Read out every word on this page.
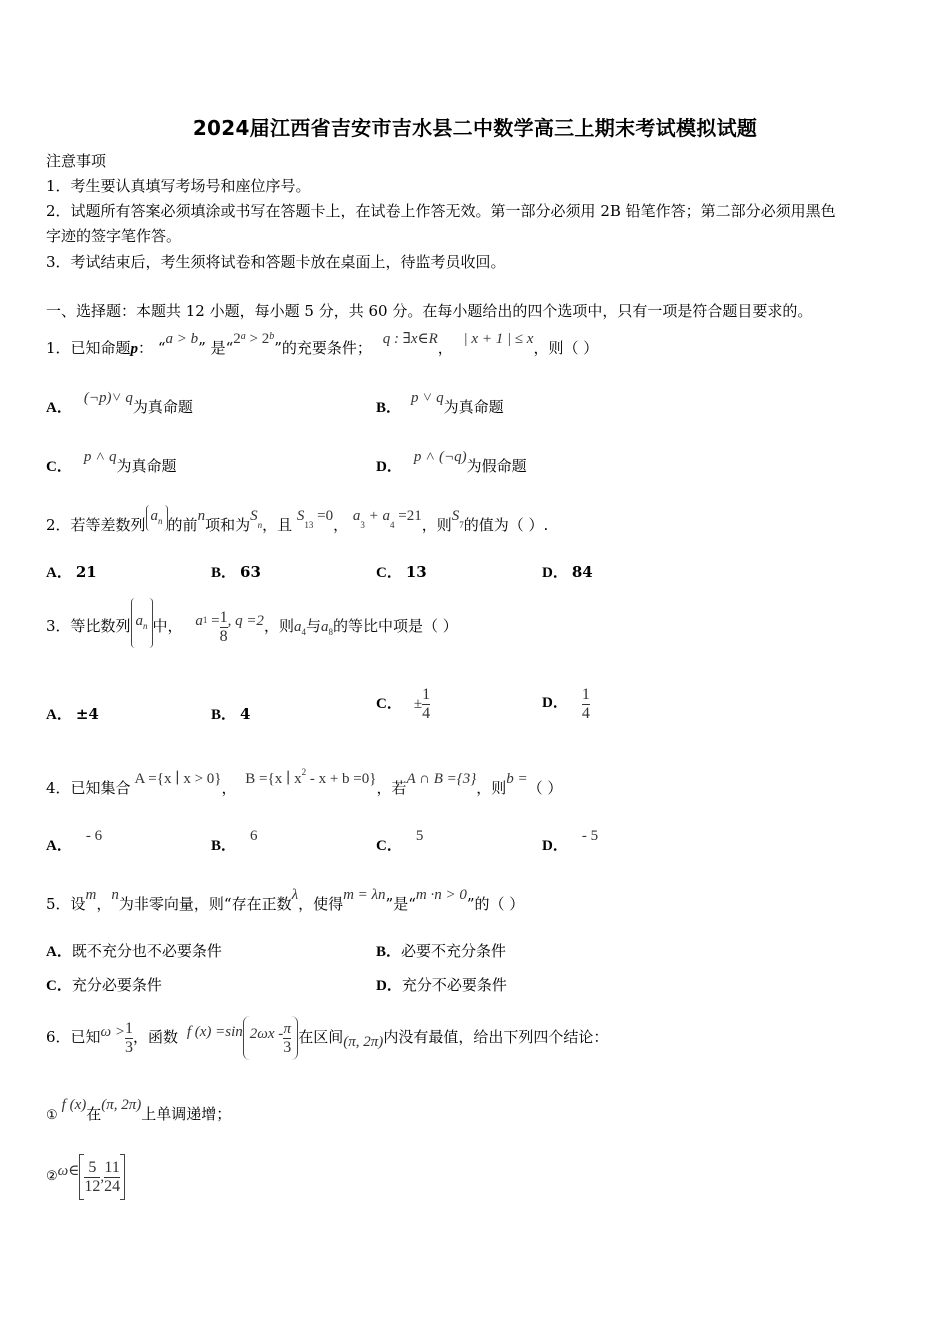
2024届江西省吉安市吉水县二中数学高三上期末考试模拟试题
注意事项
1．考生要认真填写考场号和座位序号。
2．试题所有答案必须填涂或书写在答题卡上，在试卷上作答无效。第一部分必须用 2B 铅笔作答；第二部分必须用黑色
字迹的签字笔作答。
3．考试结束后，考生须将试卷和答题卡放在桌面上，待监考员收回。
一、选择题：本题共 12 小题，每小题 5 分，共 60 分。在每小题给出的四个选项中，只有一项是符合题目要求的。
1．已知命题p： “a > b” 是“$2^a > 2^b$”的充要条件； q : ∃x∈R， | x + 1 | ≤ x，则（ ）
A．(¬p)˅ q为真命题	B．p ˅ q为真命题
C．p ˄ q为真命题	D．p ˄ (¬q)为假命题
2．若等差数列 $a_n$ 的前n项和为$S_n$，且 $S_{13} =0$， $a_3 + a_4 =21$，则$S_7$的值为（ ）.
A． 21	B． 63	C． 13	D． 84
3．等比数列 $a_n$ 中， $a_1 = \frac{1}{8}$ , q =2，则$a_4$与$a_8$的等比中项是（ ）
A． ±4	B． 4
C． ± $\frac{1}{4}$	D． $\frac{1}{4}$
4．已知集合 A ={x ∣ x > 0}， B ={x ∣ $x^2 - x + b =0$}，若A ∩ B ={3}，则b =（ ）
A．- 6
B．6
C．5
D．- 5
5．设m，n为非零向量，则“存在正数λ，使得m = λn”是“m ·n > 0”的（ ）
A．既不充分也不必要条件	B．必要不充分条件
C．充分必要条件	D．充分不必要条件
6．已知$\omega > \frac{1}{3}$ ，函数 f (x) =sin $2\omega x - \frac{\pi}{3}$ 在区间(π, 2π)内没有最值，给出下列四个结论：
①f (x)在(π, 2π)上单调递增；
②ω∈ $\frac{5}{12}$ , $\frac{11}{24}$
